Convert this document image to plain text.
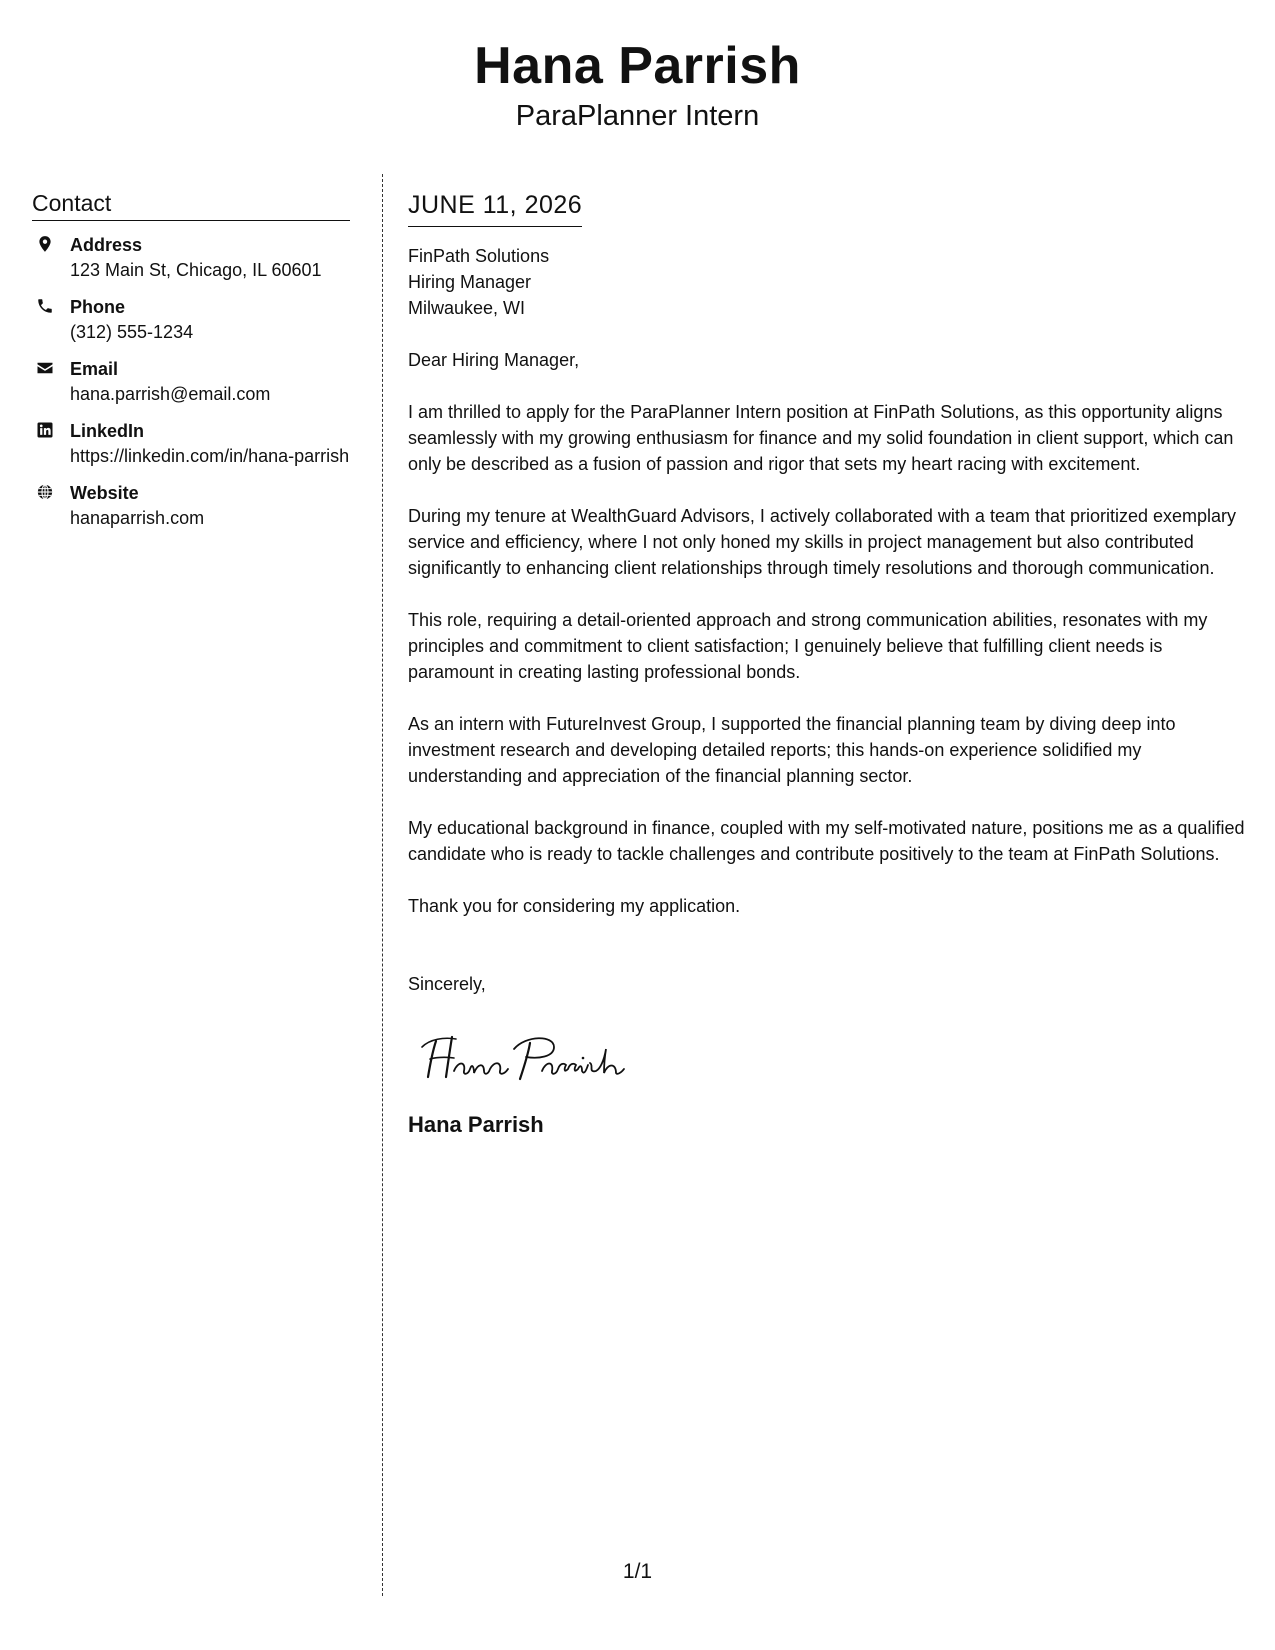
Hana Parrish
ParaPlanner Intern
Contact
Address
123 Main St, Chicago, IL 60601
Phone
(312) 555-1234
Email
hana.parrish@email.com
LinkedIn
https://linkedin.com/in/hana-parrish
Website
hanaparrish.com
JUNE 11, 2026
FinPath Solutions
Hiring Manager
Milwaukee, WI
Dear Hiring Manager,
I am thrilled to apply for the ParaPlanner Intern position at FinPath Solutions, as this opportunity aligns seamlessly with my growing enthusiasm for finance and my solid foundation in client support, which can only be described as a fusion of passion and rigor that sets my heart racing with excitement.
During my tenure at WealthGuard Advisors, I actively collaborated with a team that prioritized exemplary service and efficiency, where I not only honed my skills in project management but also contributed significantly to enhancing client relationships through timely resolutions and thorough communication.
This role, requiring a detail-oriented approach and strong communication abilities, resonates with my principles and commitment to client satisfaction; I genuinely believe that fulfilling client needs is paramount in creating lasting professional bonds.
As an intern with FutureInvest Group, I supported the financial planning team by diving deep into investment research and developing detailed reports; this hands-on experience solidified my understanding and appreciation of the financial planning sector.
My educational background in finance, coupled with my self-motivated nature, positions me as a qualified candidate who is ready to tackle challenges and contribute positively to the team at FinPath Solutions.
Thank you for considering my application.
Sincerely,
Hana Parrish
1/1
